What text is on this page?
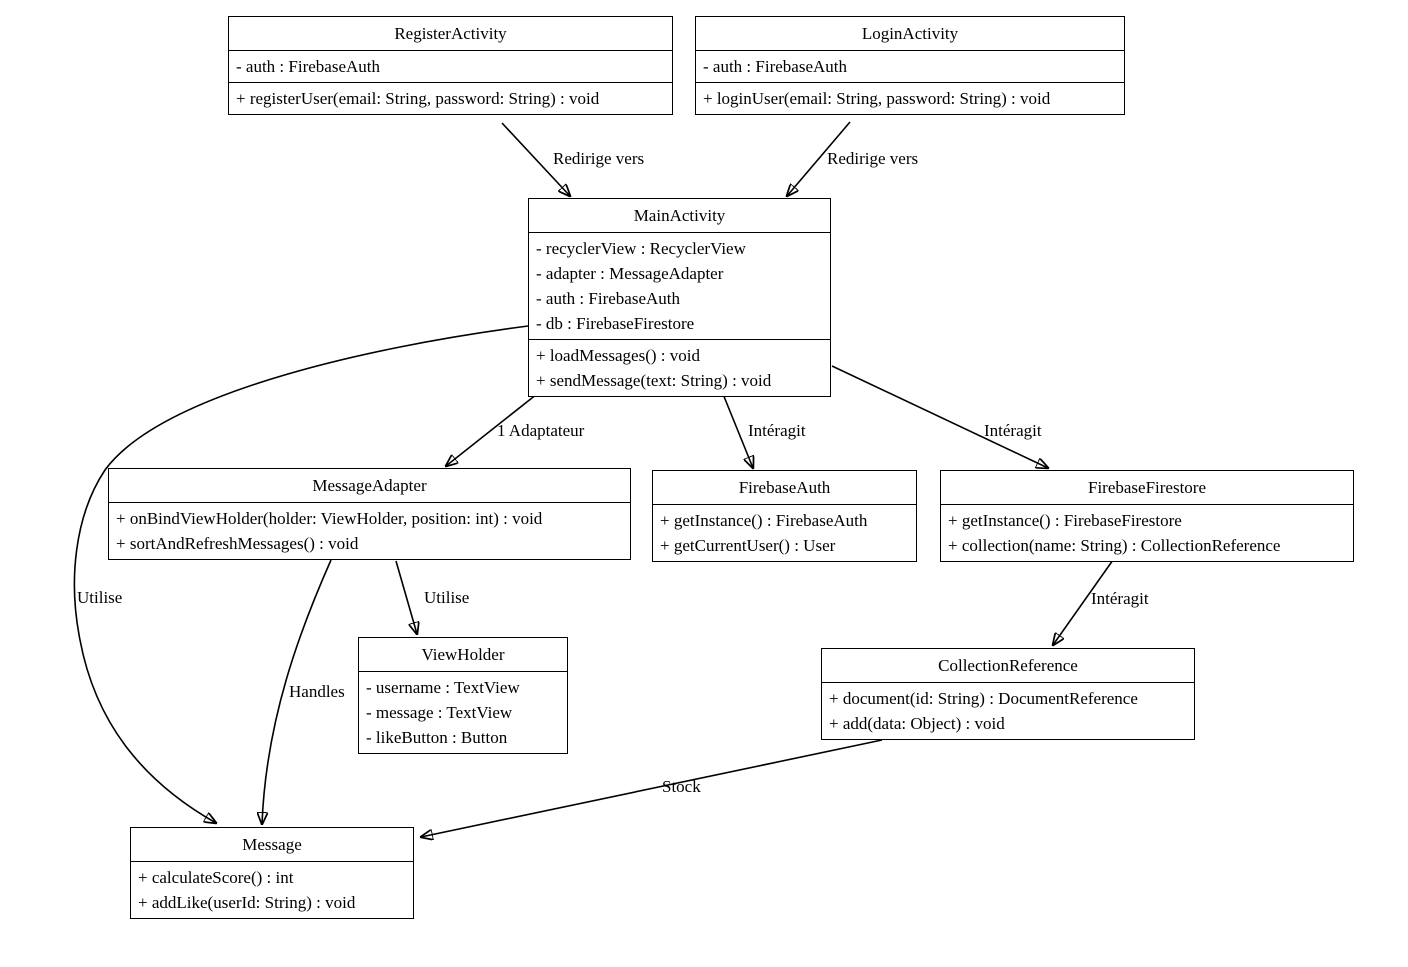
Redirige vers	Redirige vers
1 Adaptateur	Intéragit	Intéragit
Utilise	Utilise
Handles
Intéragit
Stock
RegisterActivity
- auth : FirebaseAuth
+ registerUser(email: String, password: String) : void
LoginActivity
- auth : FirebaseAuth
+ loginUser(email: String, password: String) : void
MainActivity
- recyclerView : RecyclerView
- adapter : MessageAdapter
- auth : FirebaseAuth
- db : FirebaseFirestore
+ loadMessages() : void
+ sendMessage(text: String) : void
MessageAdapter
+ onBindViewHolder(holder: ViewHolder, position: int) : void
+ sortAndRefreshMessages() : void
FirebaseAuth
+ getInstance() : FirebaseAuth
+ getCurrentUser() : User
FirebaseFirestore
+ getInstance() : FirebaseFirestore
+ collection(name: String) : CollectionReference
ViewHolder
- username : TextView
- message : TextView
- likeButton : Button
CollectionReference
+ document(id: String) : DocumentReference
+ add(data: Object) : void
Message
+ calculateScore() : int
+ addLike(userId: String) : void
